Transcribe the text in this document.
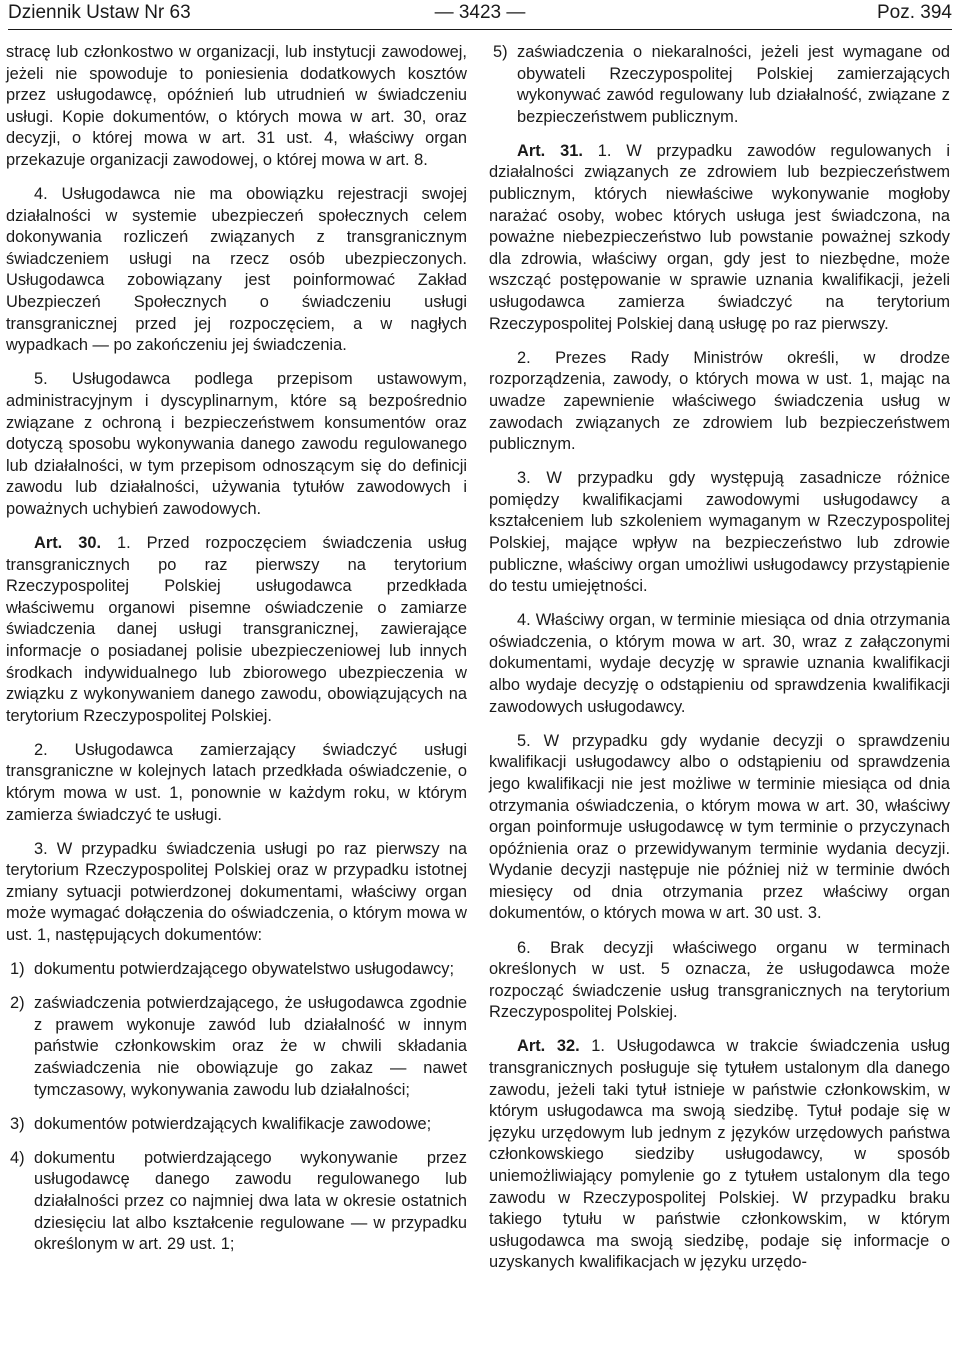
Dziennik Ustaw Nr 63	— 3423 —	Poz. 394

stracę lub członkostwo w organizacji, lub instytucji zawodowej, jeżeli nie spowoduje to poniesienia dodatkowych kosztów przez usługodawcę, opóźnień lub utrudnień w świadczeniu usługi. Kopie dokumentów, o których mowa w art. 30, oraz decyzji, o której mowa w art. 31 ust. 4, właściwy organ przekazuje organizacji zawodowej, o której mowa w art. 8.

4. Usługodawca nie ma obowiązku rejestracji swojej działalności w systemie ubezpieczeń społecznych celem dokonywania rozliczeń związanych z transgranicznym świadczeniem usługi na rzecz osób ubezpieczonych. Usługodawca zobowiązany jest poinformować Zakład Ubezpieczeń Społecznych o świadczeniu usługi transgranicznej przed jej rozpoczęciem, a w nagłych wypadkach — po zakończeniu jej świadczenia.

5. Usługodawca podlega przepisom ustawowym, administracyjnym i dyscyplinarnym, które są bezpośrednio związane z ochroną i bezpieczeństwem konsumentów oraz dotyczą sposobu wykonywania danego zawodu regulowanego lub działalności, w tym przepisom odnoszącym się do definicji zawodu lub działalności, używania tytułów zawodowych i poważnych uchybień zawodowych.

Art. 30. 1. Przed rozpoczęciem świadczenia usług transgranicznych po raz pierwszy na terytorium Rzeczypospolitej Polskiej usługodawca przedkłada właściwemu organowi pisemne oświadczenie o zamiarze świadczenia danej usługi transgranicznej, zawierające informacje o posiadanej polisie ubezpieczeniowej lub innych środkach indywidualnego lub zbiorowego ubezpieczenia w związku z wykonywaniem danego zawodu, obowiązujących na terytorium Rzeczypospolitej Polskiej.

2. Usługodawca zamierzający świadczyć usługi transgraniczne w kolejnych latach przedkłada oświadczenie, o którym mowa w ust. 1, ponownie w każdym roku, w którym zamierza świadczyć te usługi.

3. W przypadku świadczenia usługi po raz pierwszy na terytorium Rzeczypospolitej Polskiej oraz w przypadku istotnej zmiany sytuacji potwierdzonej dokumentami, właściwy organ może wymagać dołączenia do oświadczenia, o którym mowa w ust. 1, następujących dokumentów:

1) dokumentu potwierdzającego obywatelstwo usługodawcy;
2) zaświadczenia potwierdzającego, że usługodawca zgodnie z prawem wykonuje zawód lub działalność w innym państwie członkowskim oraz że w chwili składania zaświadczenia nie obowiązuje go zakaz — nawet tymczasowy, wykonywania zawodu lub działalności;
3) dokumentów potwierdzających kwalifikacje zawodowe;
4) dokumentu potwierdzającego wykonywanie przez usługodawcę danego zawodu regulowanego lub działalności przez co najmniej dwa lata w okresie ostatnich dziesięciu lat albo kształcenie regulowane — w przypadku określonym w art. 29 ust. 1;
5) zaświadczenia o niekaralności, jeżeli jest wymagane od obywateli Rzeczypospolitej Polskiej zamierzających wykonywać zawód regulowany lub działalność, związane z bezpieczeństwem publicznym.

Art. 31. 1. W przypadku zawodów regulowanych i działalności związanych ze zdrowiem lub bezpieczeństwem publicznym, których niewłaściwe wykonywanie mogłoby narażać osoby, wobec których usługa jest świadczona, na poważne niebezpieczeństwo lub powstanie poważnej szkody dla zdrowia, właściwy organ, gdy jest to niezbędne, może wszcząć postępowanie w sprawie uznania kwalifikacji, jeżeli usługodawca zamierza świadczyć na terytorium Rzeczypospolitej Polskiej daną usługę po raz pierwszy.

2. Prezes Rady Ministrów określi, w drodze rozporządzenia, zawody, o których mowa w ust. 1, mając na uwadze zapewnienie właściwego świadczenia usług w zawodach związanych ze zdrowiem lub bezpieczeństwem publicznym.

3. W przypadku gdy występują zasadnicze różnice pomiędzy kwalifikacjami zawodowymi usługodawcy a kształceniem lub szkoleniem wymaganym w Rzeczypospolitej Polskiej, mające wpływ na bezpieczeństwo lub zdrowie publiczne, właściwy organ umożliwi usługodawcy przystąpienie do testu umiejętności.

4. Właściwy organ, w terminie miesiąca od dnia otrzymania oświadczenia, o którym mowa w art. 30, wraz z załączonymi dokumentami, wydaje decyzję w sprawie uznania kwalifikacji albo wydaje decyzję o odstąpieniu od sprawdzenia kwalifikacji zawodowych usługodawcy.

5. W przypadku gdy wydanie decyzji o sprawdzeniu kwalifikacji usługodawcy albo o odstąpieniu od sprawdzenia jego kwalifikacji nie jest możliwe w terminie miesiąca od dnia otrzymania oświadczenia, o którym mowa w art. 30, właściwy organ poinformuje usługodawcę w tym terminie o przyczynach opóźnienia oraz o przewidywanym terminie wydania decyzji. Wydanie decyzji następuje nie później niż w terminie dwóch miesięcy od dnia otrzymania przez właściwy organ dokumentów, o których mowa w art. 30 ust. 3.

6. Brak decyzji właściwego organu w terminach określonych w ust. 5 oznacza, że usługodawca może rozpocząć świadczenie usług transgranicznych na terytorium Rzeczypospolitej Polskiej.

Art. 32. 1. Usługodawca w trakcie świadczenia usług transgranicznych posługuje się tytułem ustalonym dla danego zawodu, jeżeli taki tytuł istnieje w państwie członkowskim, w którym usługodawca ma swoją siedzibę. Tytuł podaje się w języku urzędowym lub jednym z języków urzędowych państwa członkowskiego siedziby usługodawcy, w sposób uniemożliwiający pomylenie go z tytułem ustalonym dla tego zawodu w Rzeczypospolitej Polskiej. W przypadku braku takiego tytułu w państwie członkowskim, w którym usługodawca ma swoją siedzibę, podaje się informacje o uzyskanych kwalifikacjach w języku urzędo-
